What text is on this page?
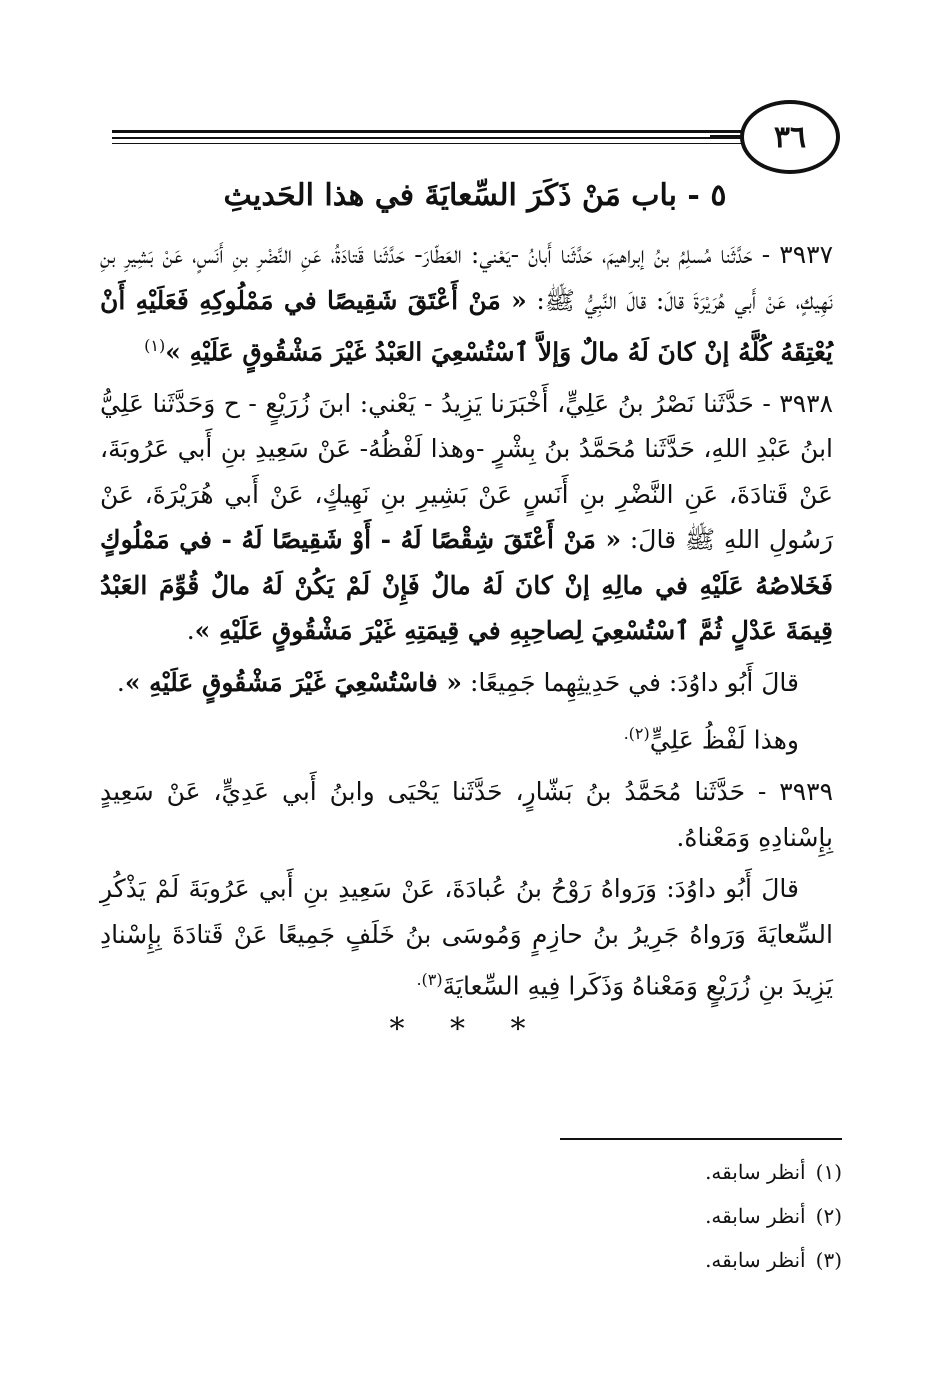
٣٦
٥ - باب مَنْ ذَكَرَ السِّعايَةَ في هذا الحَديثِ

٣٩٣٧ - حَدَّثَنا مُسلِمُ بنُ إبراهيمَ، حَدَّثَنا أَبانُ -يَعْني: العَطّارَ- حَدَّثَنا قَتادَةُ، عَنِ النَّضْرِ بنِ أَنَسٍ، عَنْ بَشِيرِ بنِ نَهِيكٍ، عَنْ أَبي هُرَيْرَةَ قالَ: قالَ النَّبِيُّ ﷺ: « مَنْ أَعْتَقَ شَقِيصًا في مَمْلُوكِهِ فَعَلَيْهِ أَنْ يُعْتِقَهُ كُلَّهُ إنْ كانَ لَهُ مالٌ وَإلاَّ ٱسْتُسْعِيَ العَبْدُ غَيْرَ مَشْقُوقٍ عَلَيْهِ »$^{(١)}$

٣٩٣٨ - حَدَّثَنا نَصْرُ بنُ عَلِيٍّ، أَخْبَرَنا يَزِيدُ - يَعْني: ابنَ زُرَيْعٍ - ح وَحَدَّثَنا عَلِيُّ ابنُ عَبْدِ اللهِ، حَدَّثَنا مُحَمَّدُ بنُ بِشْرٍ -وهذا لَفْظُهُ- عَنْ سَعِيدِ بنِ أَبي عَرُوبَةَ، عَنْ قَتادَةَ، عَنِ النَّضْرِ بنِ أَنَسٍ عَنْ بَشِيرِ بنِ نَهِيكٍ، عَنْ أَبي هُرَيْرَةَ، عَنْ رَسُولِ اللهِ ﷺ قالَ: « مَنْ أَعْتَقَ شِقْصًا لَهُ - أَوْ شَقِيصًا لَهُ - في مَمْلُوكٍ فَخَلاصُهُ عَلَيْهِ في مالِهِ إنْ كانَ لَهُ مالٌ فَإِنْ لَمْ يَكُنْ لَهُ مالٌ قُوِّمَ العَبْدُ قِيمَةَ عَدْلٍ ثُمَّ ٱسْتُسْعِيَ لِصاحِبِهِ في قِيمَتِهِ غَيْرَ مَشْقُوقٍ عَلَيْهِ ».

قالَ أَبُو داوُدَ: في حَدِيثِهِما جَمِيعًا: « فاسْتُسْعِيَ غَيْرَ مَشْقُوقٍ عَلَيْهِ ».

وهذا لَفْظُ عَلِيٍّ$^{(٢).}$

٣٩٣٩ - حَدَّثَنا مُحَمَّدُ بنُ بَشّارٍ، حَدَّثَنا يَحْيَى وابنُ أَبي عَدِيٍّ، عَنْ سَعِيدٍ بِإِسْنادِهِ وَمَعْناهُ.

قالَ أَبُو داوُدَ: وَرَواهُ رَوْحُ بنُ عُبادَةَ، عَنْ سَعِيدِ بنِ أَبي عَرُوبَةَ لَمْ يَذْكُرِ السِّعايَةَ وَرَواهُ جَرِيرُ بنُ حازِمٍ وَمُوسَى بنُ خَلَفٍ جَمِيعًا عَنْ قَتادَةَ بِإِسْنادِ يَزِيدَ بنِ زُرَيْعٍ وَمَعْناهُ وَذَكَرا فِيهِ السِّعايَةَ$^{(٣).}$

* * *
(١)أنظر سابقه.
(٢)أنظر سابقه.
(٣)أنظر سابقه.
